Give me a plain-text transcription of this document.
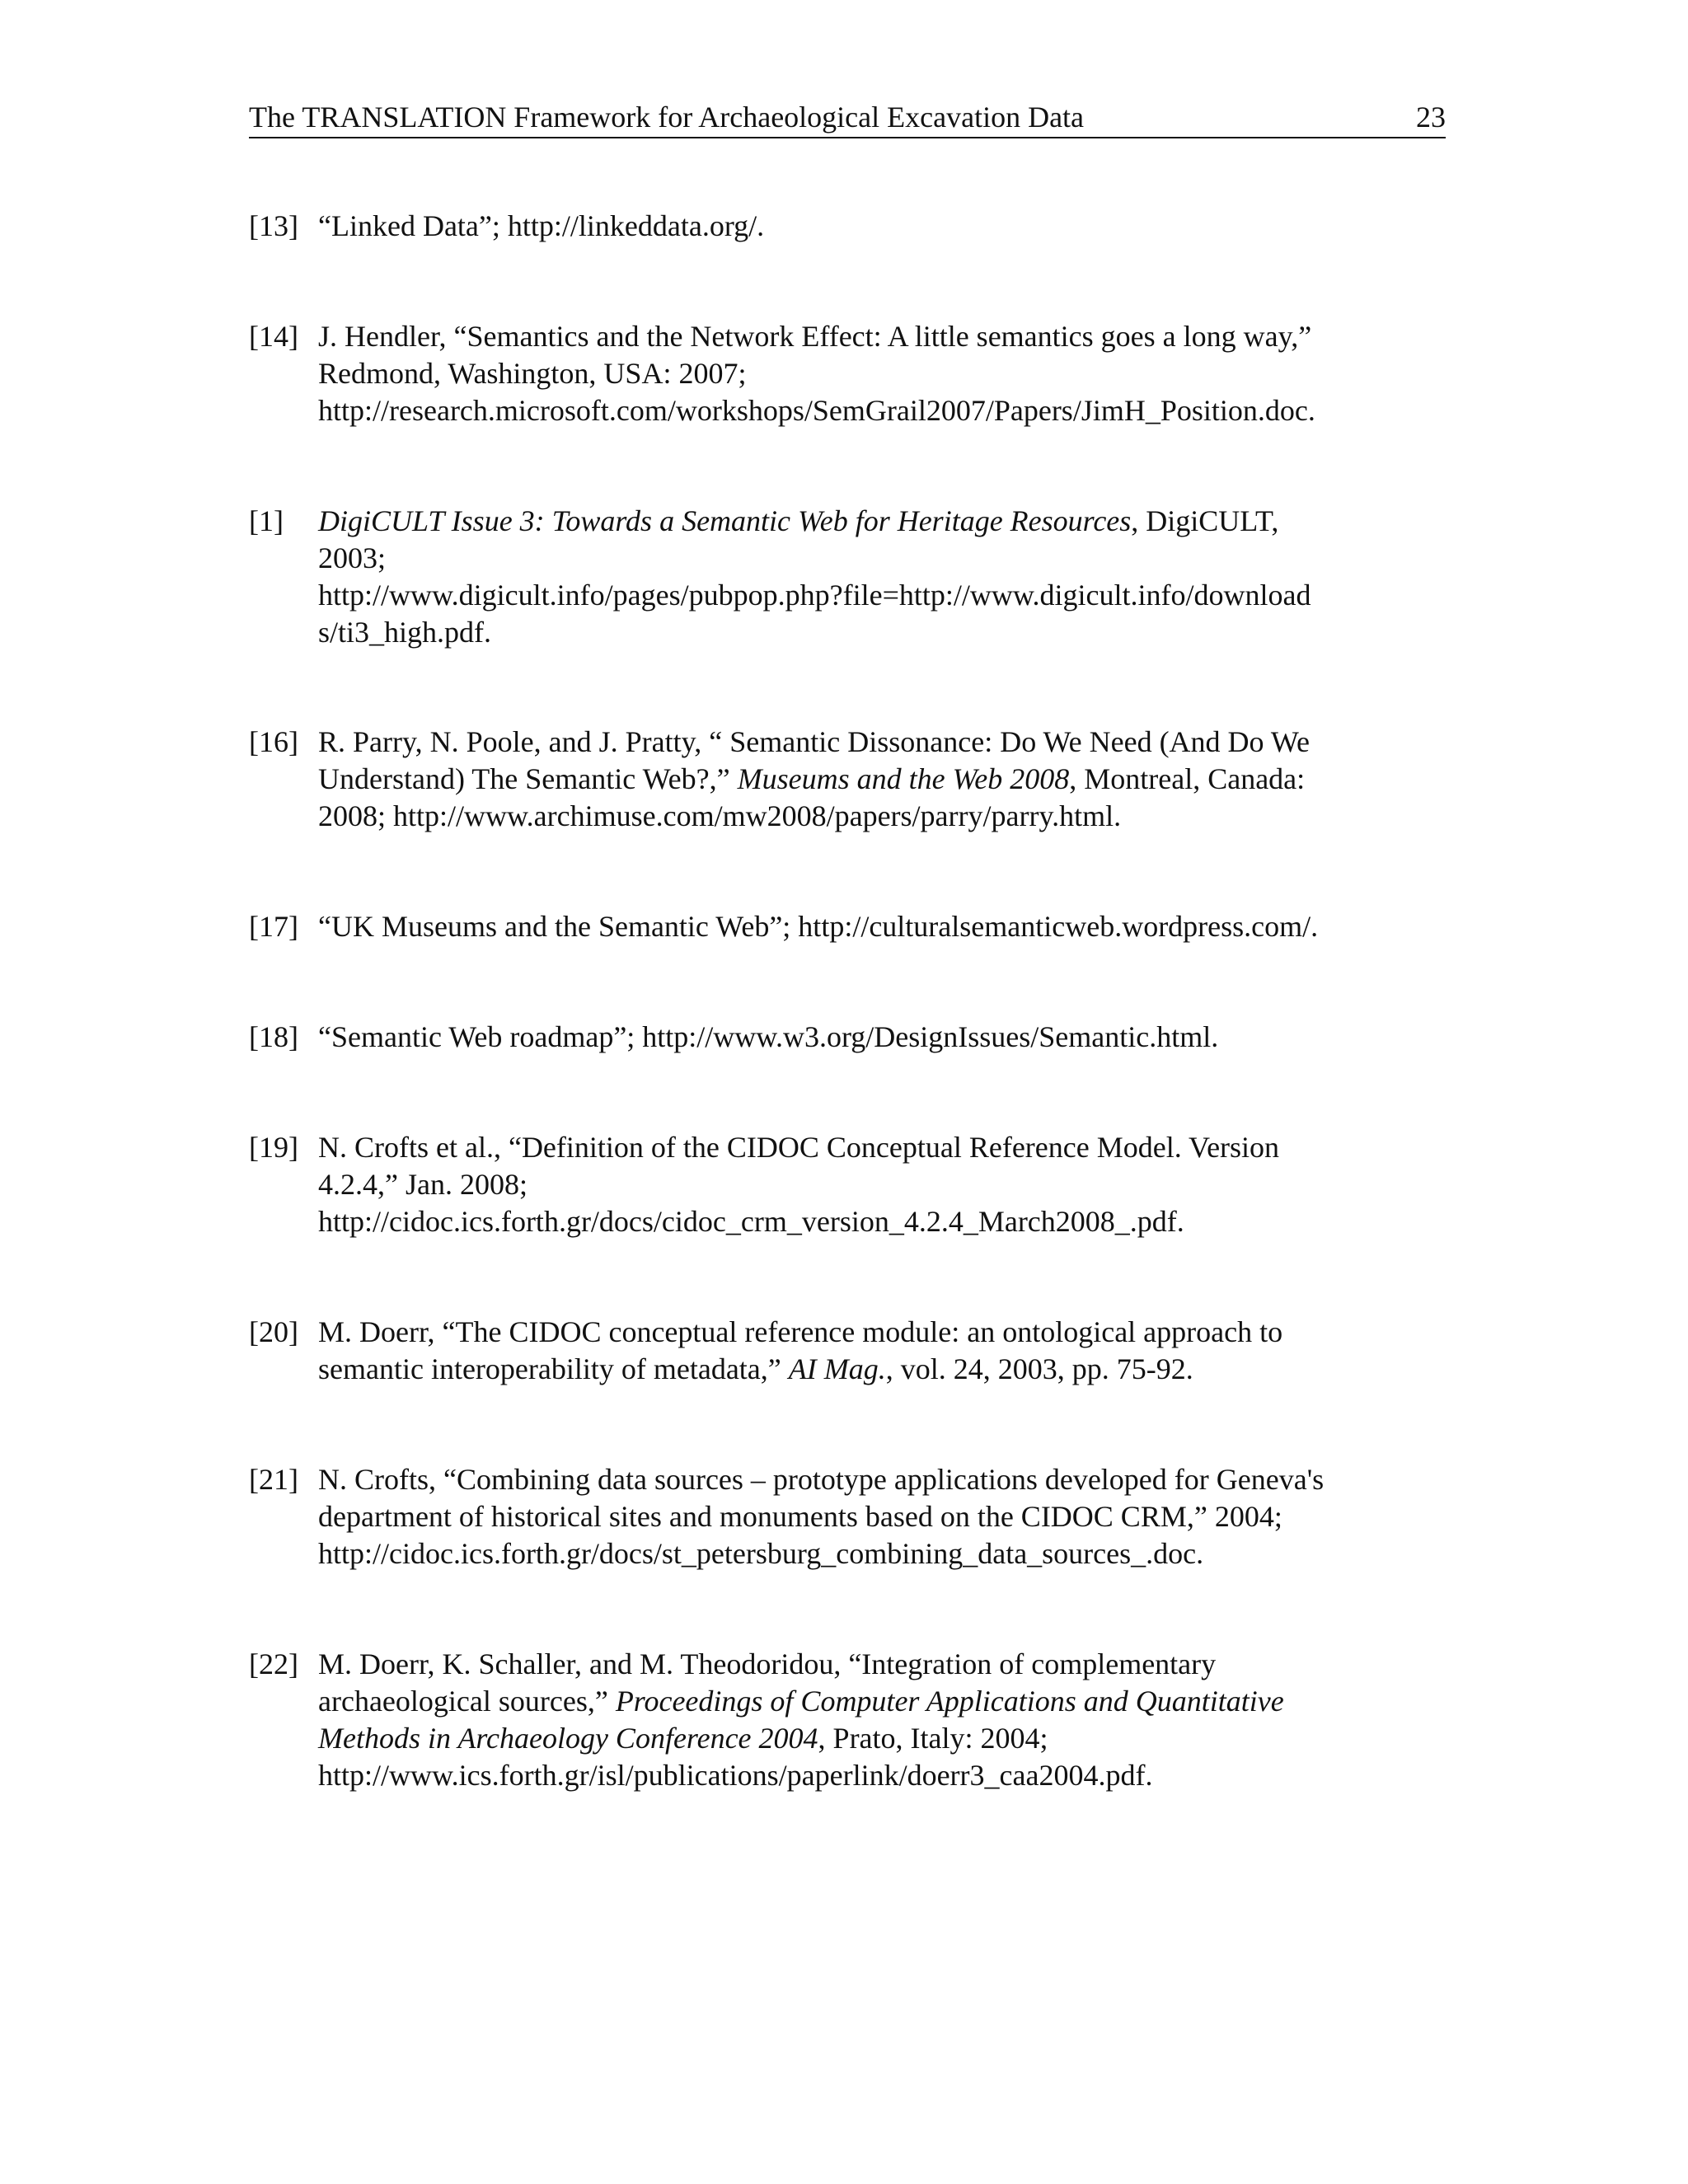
The TRANSLATION Framework for Archaeological Excavation Data	23
[13] “Linked Data”; http://linkeddata.org/.
[14] J. Hendler, “Semantics and the Network Effect: A little semantics goes a long way,”
Redmond, Washington, USA: 2007;
http://research.microsoft.com/workshops/SemGrail2007/Papers/JimH_Position.doc.
[1] DigiCULT Issue 3: Towards a Semantic Web for Heritage Resources, DigiCULT,
2003;
http://www.digicult.info/pages/pubpop.php?file=http://www.digicult.info/download
s/ti3_high.pdf.
[16] R. Parry, N. Poole, and J. Pratty, “ Semantic Dissonance: Do We Need (And Do We
Understand) The Semantic Web?,” Museums and the Web 2008, Montreal, Canada:
2008; http://www.archimuse.com/mw2008/papers/parry/parry.html.
[17] “UK Museums and the Semantic Web”; http://culturalsemanticweb.wordpress.com/.
[18] “Semantic Web roadmap”; http://www.w3.org/DesignIssues/Semantic.html.
[19] N. Crofts et al., “Definition of the CIDOC Conceptual Reference Model. Version
4.2.4,” Jan. 2008;
http://cidoc.ics.forth.gr/docs/cidoc_crm_version_4.2.4_March2008_.pdf.
[20] M. Doerr, “The CIDOC conceptual reference module: an ontological approach to
semantic interoperability of metadata,” AI Mag., vol. 24, 2003, pp. 75-92.
[21] N. Crofts, “Combining data sources – prototype applications developed for Geneva's
department of historical sites and monuments based on the CIDOC CRM,” 2004;
http://cidoc.ics.forth.gr/docs/st_petersburg_combining_data_sources_.doc.
[22] M. Doerr, K. Schaller, and M. Theodoridou, “Integration of complementary
archaeological sources,” Proceedings of Computer Applications and Quantitative
Methods in Archaeology Conference 2004, Prato, Italy: 2004;
http://www.ics.forth.gr/isl/publications/paperlink/doerr3_caa2004.pdf.
